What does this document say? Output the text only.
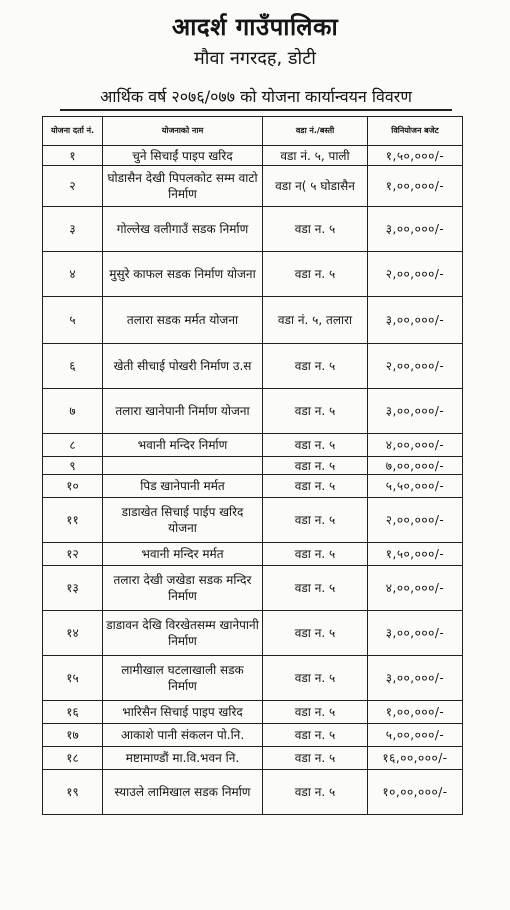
आदर्श गाउँपालिका
मौवा नगरदह, डोटी
आर्थिक वर्ष २०७६/०७७ को योजना कार्यान्वयन विवरण
योजना दर्ता नं.	योजनाको नाम	वडा नं./बस्ती	विनियोजन बजेट
१	चुने सिचाईं पाइप खरिद	वडा नं. ५, पाली	१,५०,०००/-
२	घोडासैन देखी पिपलकोट सम्म वाटो निर्माण	वडा न( ५ घोडासैन	१,००,०००/-
३	गोल्लेख वलीगाउँ सडक निर्माण	वडा न. ५	३,००,०००/-
४	मुसुरे काफल सडक निर्माण योजना	वडा न. ५	२,००,०००/-
५	तलारा सडक मर्मत योजना	वडा नं. ५, तलारा	३,००,०००/-
६	खेती सीचाई पोखरी निर्माण उ.स	वडा न. ५	२,००,०००/-
७	तलारा खानेपानी निर्माण योजना	वडा न. ५	३,००,०००/-
८	भवानी मन्दिर निर्माण	वडा न. ५	४,००,०००/-
९		वडा न. ५	७,००,०००/-
१०	पिड खानेपानी मर्मत	वडा न. ५	५,५०,०००/-
११	डाडाखेत सिचाई पाईप खरिद योजना	वडा न. ५	२,००,०००/-
१२	भवानी मन्दिर मर्मत	वडा न. ५	१,५०,०००/-
१३	तलारा देखी जखेडा सडक मन्दिर निर्माण	वडा न. ५	४,००,०००/-
१४	डाडावन देखि विरखेतसम्म खानेपानी निर्माण	वडा न. ५	३,००,०००/-
१५	लामीखाल घटलाखाली सडक निर्माण	वडा न. ५	३,००,०००/-
१६	भारिसैन सिचाई पाइप खरिद	वडा न. ५	१,००,०००/-
१७	आकाशे पानी संकलन पो.नि.	वडा न. ५	५,००,०००/-
१८	मष्टामाण्डौं मा.वि.भवन नि.	वडा न. ५	१६,००,०००/-
१९	स्याउले लामिखाल सडक निर्माण	वडा न. ५	१०,००,०००/-
